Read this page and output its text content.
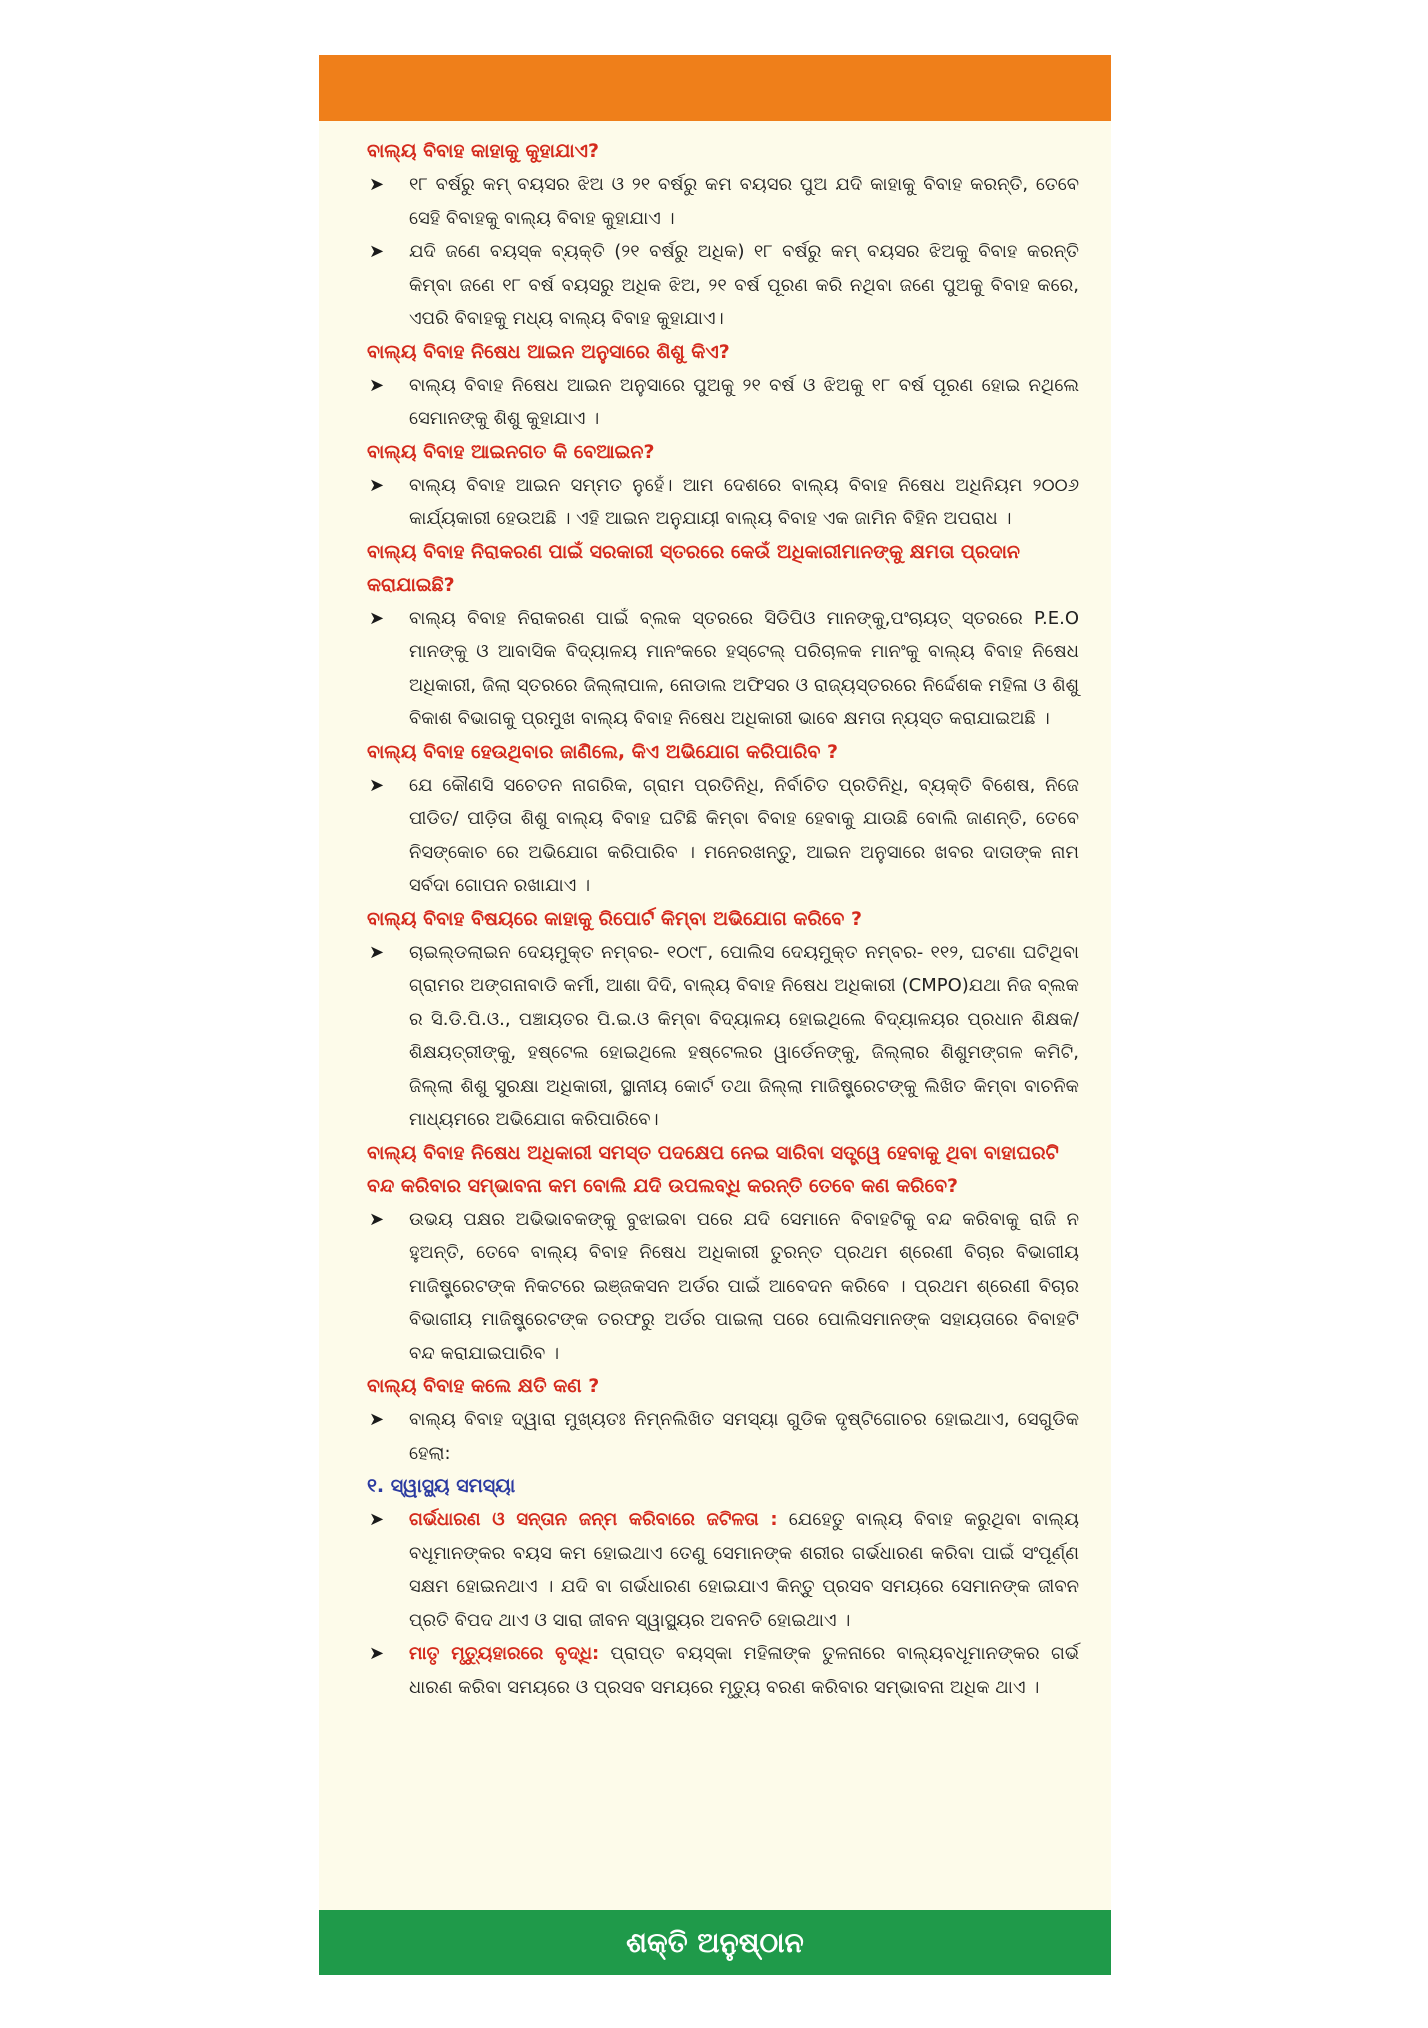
ବାଲ୍ୟ ବିବାହ କାହାକୁ କୁହାଯାଏ?

➤ ୧୮ ବର୍ଷରୁ କମ୍ ବୟସର ଝିଅ ଓ ୨୧ ବର୍ଷରୁ କମ ବୟସର ପୁଅ ଯଦି କାହାକୁ ବିବାହ କରନ୍ତି, ତେବେ ସେହି ବିବାହକୁ ବାଲ୍ୟ ବିବାହ କୁହାଯାଏ ।

➤ ଯଦି ଜଣେ ବୟସ୍କ ବ୍ୟକ୍ତି (୨୧ ବର୍ଷରୁ ଅଧିକ) ୧୮ ବର୍ଷରୁ କମ୍ ବୟସର ଝିଅକୁ ବିବାହ କରନ୍ତି କିମ୍ବା ଜଣେ ୧୮ ବର୍ଷ ବୟସରୁ ଅଧିକ ଝିଅ, ୨୧ ବର୍ଷ ପୂରଣ କରି ନଥିବା ଜଣେ ପୁଅକୁ ବିବାହ କରେ, ଏପରି ବିବାହକୁ ମଧ୍ୟ ବାଲ୍ୟ ବିବାହ କୁହାଯାଏ।

ବାଲ୍ୟ ବିବାହ ନିଷେଧ ଆଇନ ଅନୁସାରେ ଶିଶୁ କିଏ?

➤ ବାଲ୍ୟ ବିବାହ ନିଷେଧ ଆଇନ ଅନୁସାରେ ପୁଅକୁ ୨୧ ବର୍ଷ ଓ ଝିଅକୁ ୧୮ ବର୍ଷ ପୂରଣ ହୋଇ ନଥିଲେ ସେମାନଙ୍କୁ ଶିଶୁ କୁହାଯାଏ ।

ବାଲ୍ୟ ବିବାହ ଆଇନଗତ କି ବେଆଇନ?

➤ ବାଲ୍ୟ ବିବାହ ଆଇନ ସମ୍ମତ ନୁହେଁ। ଆମ ଦେଶରେ ବାଲ୍ୟ ବିବାହ ନିଷେଧ ଅଧିନିୟମ ୨୦୦୬ କାର୍ଯ୍ୟକାରୀ ହେଉଅଛି । ଏହି ଆଇନ ଅନୁଯାୟୀ ବାଲ୍ୟ ବିବାହ ଏକ ଜାମିନ ବିହିନ ଅପରାଧ ।

ବାଲ୍ୟ ବିବାହ ନିରାକରଣ ପାଇଁ ସରକାରୀ ସ୍ତରରେ କେଉଁ ଅଧିକାରୀମାନଙ୍କୁ କ୍ଷମତା ପ୍ରଦାନ କରାଯାଇଛି?

➤ ବାଲ୍ୟ ବିବାହ ନିରାକରଣ ପାଇଁ ବ୍ଲକ ସ୍ତରରେ ସିଡିପିଓ ମାନଙ୍କୁ,ପଂଚାୟତ୍ ସ୍ତରରେ P.E.O ମାନଙ୍କୁ ଓ ଆବାସିକ ବିଦ୍ୟାଳୟ ମାନଂକରେ ହସ୍ଟେଲ୍ ପରିଚାଳକ ମାନଂକୁ ବାଲ୍ୟ ବିବାହ ନିଷେଧ ଅଧିକାରୀ, ଜିଲା ସ୍ତରରେ ଜିଲ୍ଲାପାଳ, ନୋଡାଲ ଅଫିସର ଓ ରାଜ୍ୟସ୍ତରରେ ନିର୍ଦ୍ଦେଶକ ମହିଳା ଓ ଶିଶୁ ବିକାଶ ବିଭାଗକୁ ପ୍ରମୁଖ ବାଲ୍ୟ ବିବାହ ନିଷେଧ ଅଧିକାରୀ ଭାବେ କ୍ଷମତା ନ୍ୟସ୍ତ କରାଯାଇଅଛି ।

ବାଲ୍ୟ ବିବାହ ହେଉଥିବାର ଜାଣିଲେ, କିଏ ଅଭିଯୋଗ କରିପାରିବ ?

➤ ଯେ କୌଣସି ସଚେତନ ନାଗରିକ, ଗ୍ରାମ ପ୍ରତିନିଧି, ନିର୍ବାଚିତ ପ୍ରତିନିଧି, ବ୍ୟକ୍ତି ବିଶେଷ, ନିଜେ ପୀଡିତ/ ପୀଡ଼ିତା ଶିଶୁ ବାଲ୍ୟ ବିବାହ ଘଟିଛି କିମ୍ବା ବିବାହ ହେବାକୁ ଯାଉଛି ବୋଲି ଜାଣନ୍ତି, ତେବେ ନିସଙ୍କୋଚ ରେ ଅଭିଯୋଗ କରିପାରିବ । ମନେରଖନ୍ତୁ, ଆଇନ ଅନୁସାରେ ଖବର ଦାତାଙ୍କ ନାମ ସର୍ବଦା ଗୋପନ ରଖାଯାଏ ।

ବାଲ୍ୟ ବିବାହ ବିଷୟରେ କାହାକୁ ରିପୋର୍ଟ କିମ୍ବା ଅଭିଯୋଗ କରିବେ ?

➤ ଚାଇଲ୍ଡଲାଇନ ଦେୟମୁକ୍ତ ନମ୍ବର- ୧୦୯୮, ପୋଲିସ ଦେୟମୁକ୍ତ ନମ୍ବର- ୧୧୨, ଘଟଣା ଘଟିଥିବା ଗ୍ରାମର ଅଙ୍ଗନାବାଡି କର୍ମୀ, ଆଶା ଦିଦି, ବାଲ୍ୟ ବିବାହ ନିଷେଧ ଅଧିକାରୀ (CMPO)ଯଥା ନିଜ ବ୍ଲକ ର ସି.ଡି.ପି.ଓ., ପଞ୍ଚାୟତର ପି.ଇ.ଓ କିମ୍ବା ବିଦ୍ୟାଳୟ ହୋଇଥିଲେ ବିଦ୍ୟାଳୟର ପ୍ରଧାନ ଶିକ୍ଷକ/ ଶିକ୍ଷୟତ୍ରୀଙ୍କୁ, ହଷ୍ଟେଲ ହୋଇଥିଲେ ହଷ୍ଟେଲର ୱାର୍ଡେନଙ୍କୁ, ଜିଲ୍ଲାର ଶିଶୁମଙ୍ଗଳ କମିଟି, ଜିଲ୍ଲା ଶିଶୁ ସୁରକ୍ଷା ଅଧିକାରୀ, ସ୍ଥାନୀୟ କୋର୍ଟ ତଥା ଜିଲ୍ଲା ମାଜିଷ୍ଟ୍ରେଟଙ୍କୁ ଲିଖିତ କିମ୍ବା ବାଚନିକ ମାଧ୍ୟମରେ ଅଭିଯୋଗ କରିପାରିବେ।

ବାଲ୍ୟ ବିବାହ ନିଷେଧ ଅଧିକାରୀ ସମସ୍ତ ପଦକ୍ଷେପ ନେଇ ସାରିବା ସତ୍ତ୍ୱେ ହେବାକୁ ଥିବା ବାହାଘରଟି ବନ୍ଦ କରିବାର ସମ୍ଭାବନା କମ ବୋଲି ଯଦି ଉପଲବ୍ଧି କରନ୍ତି ତେବେ କଣ କରିବେ?

➤ ଉଭୟ ପକ୍ଷର ଅଭିଭାବକଙ୍କୁ ବୁଝାଇବା ପରେ ଯଦି ସେମାନେ ବିବାହଟିକୁ ବନ୍ଦ କରିବାକୁ ରାଜି ନ ହୁଅନ୍ତି, ତେବେ ବାଲ୍ୟ ବିବାହ ନିଷେଧ ଅଧିକାରୀ ତୁରନ୍ତ ପ୍ରଥମ ଶ୍ରେଣୀ ବିଚାର ବିଭାଗୀୟ ମାଜିଷ୍ଟ୍ରେଟଙ୍କ ନିକଟରେ ଇଞ୍ଜକସନ ଅର୍ଡର ପାଇଁ ଆବେଦନ କରିବେ । ପ୍ରଥମ ଶ୍ରେଣୀ ବିଚାର ବିଭାଗୀୟ ମାଜିଷ୍ଟ୍ରେଟଙ୍କ ତରଫରୁ ଅର୍ଡର ପାଇଲା ପରେ ପୋଲିସମାନଙ୍କ ସହାୟତାରେ ବିବାହଟି ବନ୍ଦ କରାଯାଇପାରିବ ।

ବାଲ୍ୟ ବିବାହ କଲେ କ୍ଷତି କଣ ?

➤ ବାଲ୍ୟ ବିବାହ ଦ୍ୱାରା ମୁଖ୍ୟତଃ ନିମ୍ନଲିଖିତ ସମସ୍ୟା ଗୁଡିକ ଦୃଷ୍ଟିଗୋଚର ହୋଇଥାଏ, ସେଗୁଡିକ ହେଲା:

୧. ସ୍ୱାସ୍ଥ୍ୟ ସମସ୍ୟା

➤ ଗର୍ଭଧାରଣ ଓ ସନ୍ତାନ ଜନ୍ମ କରିବାରେ ଜଟିଳତା : ଯେହେତୁ ବାଲ୍ୟ ବିବାହ କରୁଥିବା ବାଲ୍ୟ ବଧୂମାନଙ୍କର ବୟସ କମ ହୋଇଥାଏ ତେଣୁ ସେମାନଙ୍କ ଶରୀର ଗର୍ଭଧାରଣ କରିବା ପାଇଁ ସଂପୂର୍ଣ୍ଣ ସକ୍ଷମ ହୋଇନଥାଏ । ଯଦି ବା ଗର୍ଭଧାରଣ ହୋଇଯାଏ କିନ୍ତୁ ପ୍ରସବ ସମୟରେ ସେମାନଙ୍କ ଜୀବନ ପ୍ରତି ବିପଦ ଥାଏ ଓ ସାରା ଜୀବନ ସ୍ୱାସ୍ଥ୍ୟର ଅବନତି ହୋଇଥାଏ ।

➤ ମାତୃ ମୃତ୍ୟୁହାରରେ ବୃଦ୍ଧି: ପ୍ରାପ୍ତ ବୟସ୍କା ମହିଳାଙ୍କ ତୁଳନାରେ ବାଲ୍ୟବଧୂମାନଙ୍କର ଗର୍ଭ ଧାରଣ କରିବା ସମୟରେ ଓ ପ୍ରସବ ସମୟରେ ମୃତ୍ୟୁ ବରଣ କରିବାର ସମ୍ଭାବନା ଅଧିକ ଥାଏ ।

ଶକ୍ତି ଅନୁଷ୍ଠାନ
